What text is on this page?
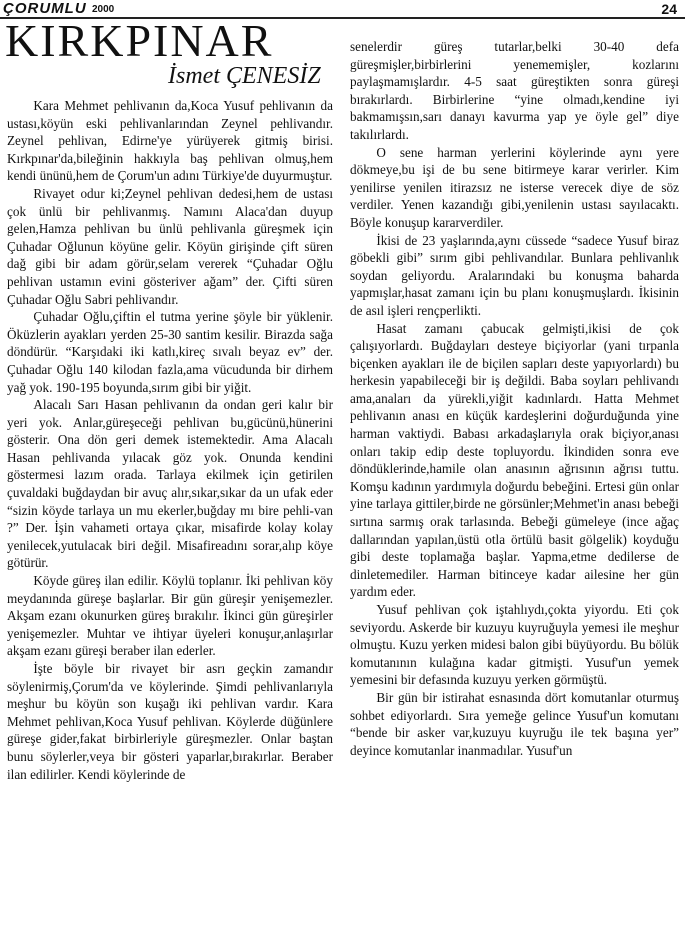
ÇORUMLU 2000	24
KIRKPINAR
İsmet ÇENESİZ

Kara Mehmet pehlivanın da,Koca Yusuf pehlivanın da ustası,köyün eski pehlivanlarından Zeynel pehlivandır. Zeynel pehlivan, Edirne'ye yürüyerek gitmiş birisi. Kırkpınar'da,bileğinin hakkıyla baş pehlivan olmuş,hem kendi ününü,hem de Çorum'un adını Türkiye'de duyurmuştur.

Rivayet odur ki;Zeynel pehlivan dedesi,hem de ustası çok ünlü bir pehlivanmış. Namını Alaca'dan duyup gelen,Hamza pehlivan bu ünlü pehlivanla güreşmek için Çuhadar Oğlunun köyüne gelir. Köyün girişinde çift süren dağ gibi bir adam görür,selam vererek “Çuhadar Oğlu pehlivan ustamın evini gösteriver ağam” der. Çifti süren Çuhadar Oğlu Sabri pehlivandır.

Çuhadar Oğlu,çiftin el tutma yerine şöyle bir yüklenir. Öküzlerin ayakları yerden 25-30 santim kesilir. Birazda sağa döndürür. “Karşıdaki iki katlı,kireç sıvalı beyaz ev” der. Çuhadar Oğlu 140 kilodan fazla,ama vücudunda bir dirhem yağ yok. 190-195 boyunda,sırım gibi bir yiğit.

Alacalı Sarı Hasan pehlivanın da ondan geri kalır bir yeri yok. Anlar,güreşeceği pehlivan bu,gücünü,hünerini gösterir. Ona dön geri demek istemektedir. Ama Alacalı Hasan pehlivanda yılacak göz yok. Onunda kendini göstermesi lazım orada. Tarlaya ekilmek için getirilen çuvaldaki buğdaydan bir avuç alır,sıkar,sıkar da un ufak eder “sizin köyde tarlaya un mu ekerler,buğday mı bire pehli-van ?” Der. İşin vahameti ortaya çıkar, misafirde kolay kolay yenilecek,yutulacak biri değil. Misafireadını sorar,alıp köye götürür.

Köyde güreş ilan edilir. Köylü toplanır. İki pehlivan köy meydanında güreşe başlarlar. Bir gün güreşir yenişemezler. Akşam ezanı okunurken güreş bırakılır. İkinci gün güreşirler yenişemezler. Muhtar ve ihtiyar üyeleri konuşur,anlaşırlar akşam ezanı güreşi beraber ilan ederler.

İşte böyle bir rivayet bir asrı geçkin zamandır söylenirmiş,Çorum'da ve köylerinde. Şimdi pehlivanlarıyla meşhur bu köyün son kuşağı iki pehlivan vardır. Kara Mehmet pehlivan,Koca Yusuf pehlivan. Köylerde düğünlere güreşe gider,fakat birbirleriyle güreşmezler. Onlar baştan bunu söylerler,veya bir gösteri yaparlar,bırakırlar. Beraber ilan edilirler. Kendi köylerinde de

senelerdir güreş tutarlar,belki 30-40 defa güreşmişler,birbirlerini yenememişler, kozlarını paylaşmamışlardır. 4-5 saat güreştikten sonra güreşi bırakırlardı. Birbirlerine “yine olmadı,kendine iyi bakmamışsın,sarı danayı kavurma yap ye öyle gel” diye takılırlardı.

O sene harman yerlerini köylerinde aynı yere dökmeye,bu işi de bu sene bitirmeye karar verirler. Kim yenilirse yenilen itirazsız ne isterse verecek diye de söz verdiler. Yenen kazandığı gibi,yenilenin ustası sayılacaktı. Böyle konuşup kararverdiler.

İkisi de 23 yaşlarında,aynı cüssede “sadece Yusuf biraz göbekli gibi” sırım gibi pehlivandılar. Bunlara pehlivanlık soydan geliyordu. Aralarındaki bu konuşma baharda yapmışlar,hasat zamanı için bu planı konuşmuşlardı. İkisinin de asıl işleri rençperlikti.

Hasat zamanı çabucak gelmişti,ikisi de çok çalışıyorlardı. Buğdayları desteye biçiyorlar (yani tırpanla biçenken ayakları ile de biçilen sapları deste yapıyorlardı) bu herkesin yapabileceği bir iş değildi. Baba soyları pehlivandı ama,anaları da yürekli,yiğit kadınlardı. Hatta Mehmet pehlivanın anası en küçük kardeşlerini doğurduğunda yine harman vaktiydi. Babası arkadaşlarıyla orak biçiyor,anası onları takip edip deste topluyordu. İkindiden sonra eve döndüklerinde,hamile olan anasının ağrısının ağrısı tuttu. Komşu kadının yardımıyla doğurdu bebeğini. Ertesi gün onlar yine tarlaya gittiler,birde ne görsünler;Mehmet'in anası bebeği sırtına sarmış orak tarlasında. Bebeği gümeleye (ince ağaç dallarından yapılan,üstü otla örtülü basit gölgelik) koyduğu gibi deste toplamağa başlar. Yapma,etme dedilerse de dinletemediler. Harman bitinceye kadar ailesine her gün yardım eder.

Yusuf pehlivan çok iştahlıydı,çokta yiyordu. Eti çok seviyordu. Askerde bir kuzuyu kuyruğuyla yemesi ile meşhur olmuştu. Kuzu yerken midesi balon gibi büyüyordu. Bu bölük komutanının kulağına kadar gitmişti. Yusuf'un yemek yemesini bir defasında kuzuyu yerken görmüştü.

Bir gün bir istirahat esnasında dört komutanlar oturmuş sohbet ediyorlardı. Sıra yemeğe gelince Yusuf'un komutanı “bende bir asker var,kuzuyu kuyruğu ile tek başına yer” deyince komutanlar inanmadılar. Yusuf'un
